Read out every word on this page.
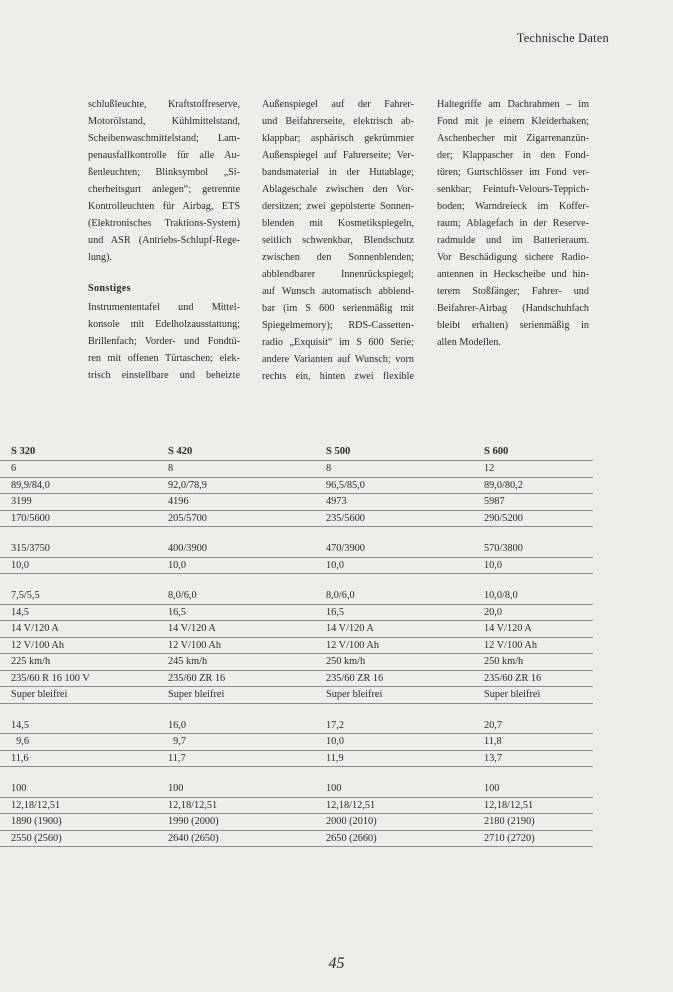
Technische Daten
schlußleuchte, Kraftstoffreserve,
Motorölstand, Kühlmittelstand,
Scheibenwaschmittelstand; Lam-
penausfallkontrolle für alle Au-
ßenleuchten; Blinksymbol „Si-
cherheitsgurt anlegen“; getrennte
Kontrolleuchten für Airbag, ETS
(Elektronisches Traktions-System)
und ASR (Antriebs-Schlupf-Rege-
lung).
Sonstiges
Instrumententafel und Mittel-
konsole mit Edelholzausstattung;
Brillenfach; Vorder- und Fondtü-
ren mit offenen Türtaschen; elek-
trisch einstellbare und beheizte
Außenspiegel auf der Fahrer-
und Beifahrerseite, elektrisch ab-
klappbar; asphärisch gekrümmter
Außenspiegel auf Fahrerseite; Ver-
bandsmaterial in der Hutablage;
Ablageschale zwischen den Vor-
dersitzen; zwei gepolsterte Sonnen-
blenden mit Kosmetikspiegeln,
seitlich schwenkbar, Blendschutz
zwischen den Sonnenblenden;
abblendbarer Innenrückspiegel;
auf Wunsch automatisch abblend-
bar (im S 600 serienmäßig mit
Spiegelmemory); RDS-Cassetten-
radio „Exquisit“ im S 600 Serie;
andere Varianten auf Wunsch; vorn
rechts ein, hinten zwei flexible
Haltegriffe am Dachrahmen – im
Fond mit je einem Kleiderhaken;
Aschenbecher mit Zigarrenanzün-
der; Klappascher in den Fond-
türen; Gurtschlösser im Fond ver-
senkbar; Feintuft-Velours-Teppich-
boden; Warndreieck im Koffer-
raum; Ablagefach in der Reserve-
radmulde und im Batterieraum.
Vor Beschädigung sichere Radio-
antennen in Heckscheibe und hin-
terem Stoßfänger; Fahrer- und
Beifahrer-Airbag (Handschuhfach
bleibt erhalten) serienmäßig in
allen Modellen.
S 320	S 420	S 500	S 600
6	8	8	12
89,9/84,0	92,0/78,9	96,5/85,0	89,0/80,2
3199	4196	4973	5987
170/5600	205/5700	235/5600	290/5200
315/3750	400/3900	470/3900	570/3800
10,0	10,0	10,0	10,0
7,5/5,5	8,0/6,0	8,0/6,0	10,0/8,0
14,5	16,5	16,5	20,0
14 V/120 A	14 V/120 A	14 V/120 A	14 V/120 A
12 V/100 Ah	12 V/100 Ah	12 V/100 Ah	12 V/100 Ah
225 km/h	245 km/h	250 km/h	250 km/h
235/60 R 16 100 V	235/60 ZR 16	235/60 ZR 16	235/60 ZR 16
Super bleifrei	Super bleifrei	Super bleifrei	Super bleifrei
14,5	16,0	17,2	20,7
9,6	9,7	10,0	11,8
11,6	11,7	11,9	13,7
100	100	100	100
12,18/12,51	12,18/12,51	12,18/12,51	12,18/12,51
1890 (1900)	1990 (2000)	2000 (2010)	2180 (2190)
2550 (2560)	2640 (2650)	2650 (2660)	2710 (2720)
45
